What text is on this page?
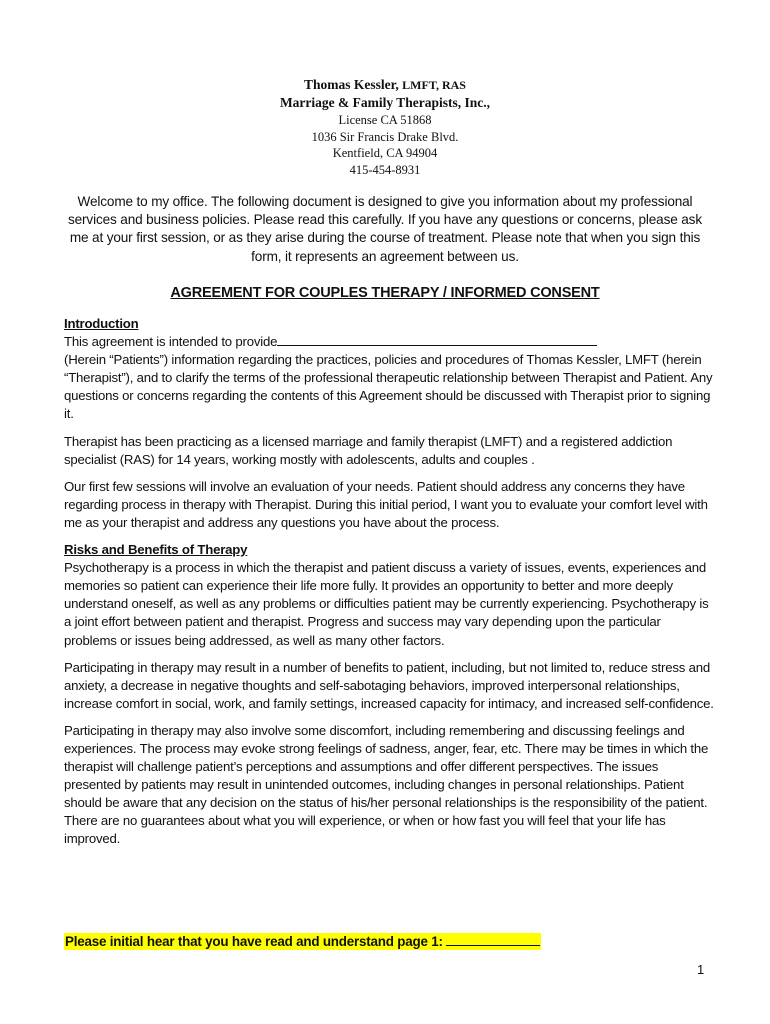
Thomas Kessler, LMFT, RAS
Marriage & Family Therapists, Inc.,
License CA 51868
1036 Sir Francis Drake Blvd.
Kentfield, CA 94904
415-454-8931
Welcome to my office. The following document is designed to give you information about my professional services and business policies. Please read this carefully. If you have any questions or concerns, please ask me at your first session, or as they arise during the course of treatment. Please note that when you sign this form, it represents an agreement between us.
AGREEMENT FOR COUPLES THERAPY / INFORMED CONSENT

Introduction

This agreement is intended to provide
(Herein “Patients”) information regarding the practices, policies and procedures of Thomas Kessler, LMFT (herein “Therapist”), and to clarify the terms of the professional therapeutic relationship between Therapist and Patient. Any questions or concerns regarding the contents of this Agreement should be discussed with Therapist prior to signing it.

Therapist has been practicing as a licensed marriage and family therapist (LMFT) and a registered addiction specialist (RAS) for 14 years, working mostly with adolescents, adults and couples .

Our first few sessions will involve an evaluation of your needs. Patient should address any concerns they have regarding process in therapy with Therapist. During this initial period, I want you to evaluate your comfort level with me as your therapist and address any questions you have about the process.

Risks and Benefits of Therapy

Psychotherapy is a process in which the therapist and patient discuss a variety of issues, events, experiences and memories so patient can experience their life more fully. It provides an opportunity to better and more deeply understand oneself, as well as any problems or difficulties patient may be currently experiencing. Psychotherapy is a joint effort between patient and therapist. Progress and success may vary depending upon the particular problems or issues being addressed, as well as many other factors.

Participating in therapy may result in a number of benefits to patient, including, but not limited to, reduce stress and anxiety, a decrease in negative thoughts and self-sabotaging behaviors, improved interpersonal relationships, increase comfort in social, work, and family settings, increased capacity for intimacy, and increased self-confidence.

Participating in therapy may also involve some discomfort, including remembering and discussing feelings and experiences. The process may evoke strong feelings of sadness, anger, fear, etc. There may be times in which the therapist will challenge patient’s perceptions and assumptions and offer different perspectives. The issues presented by patients may result in unintended outcomes, including changes in personal relationships. Patient should be aware that any decision on the status of his/her personal relationships is the responsibility of the patient. There are no guarantees about what you will experience, or when or how fast you will feel that your life has improved.

Please initial hear that you have read and understand page 1:
1
